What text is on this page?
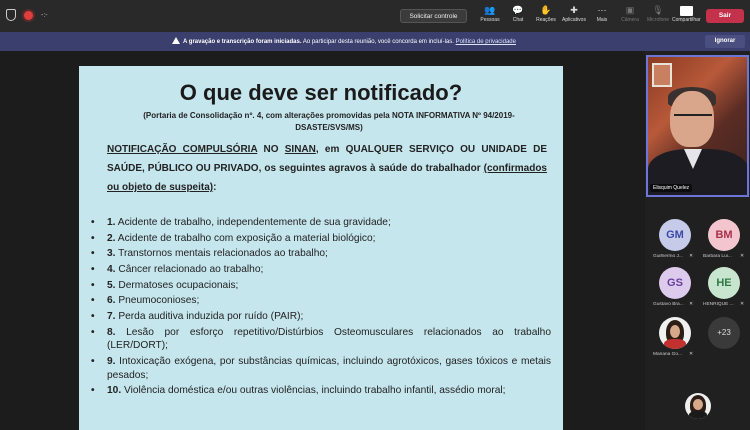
-:-	Solicitar controle
👥
Pessoas
💬
Chat
✋
Reações
✚
Aplicativos
⋯
Mais
▣
Câmera
🎙
Microfone Compartilhar
Sair
A gravação e transcrição foram iniciadas. Ao participar desta reunião, você concorda em incluí-las. Política de privacidade	Ignorar
O que deve ser notificado?
(Portaria de Consolidação nº. 4, com alterações promovidas pela NOTA INFORMATIVA Nº 94/2019-DSASTE/SVS/MS)
NOTIFICAÇÃO COMPULSÓRIA NO SINAN, em QUALQUER SERVIÇO OU UNIDADE DE SAÚDE, PÚBLICO OU PRIVADO, os seguintes agravos à saúde do trabalhador (confirmados ou objeto de suspeita):
• 1. Acidente de trabalho, independentemente de sua gravidade;
• 2. Acidente de trabalho com exposição a material biológico;
• 3. Transtornos mentais relacionados ao trabalho;
• 4. Câncer relacionado ao trabalho;
• 5. Dermatoses ocupacionais;
• 6. Pneumoconioses;
• 7. Perda auditiva induzida por ruído (PAIR);
• 8. Lesão por esforço repetitivo/Distúrbios Osteomusculares relacionados ao trabalho (LER/DORT);
• 9. Intoxicação exógena, por substâncias químicas, incluindo agrotóxicos, gases tóxicos e metais pesados;
• 10. Violência doméstica e/ou outras violências, incluindo trabalho infantil, assédio moral;
Elisquim Quelez
GM
Guilhermo J...	✕
BM
Barbara Lui...	✕
GS
Gustavo Bra...	✕
HE
HENRIQUE ...	✕
Mariana Go...	✕
+23
